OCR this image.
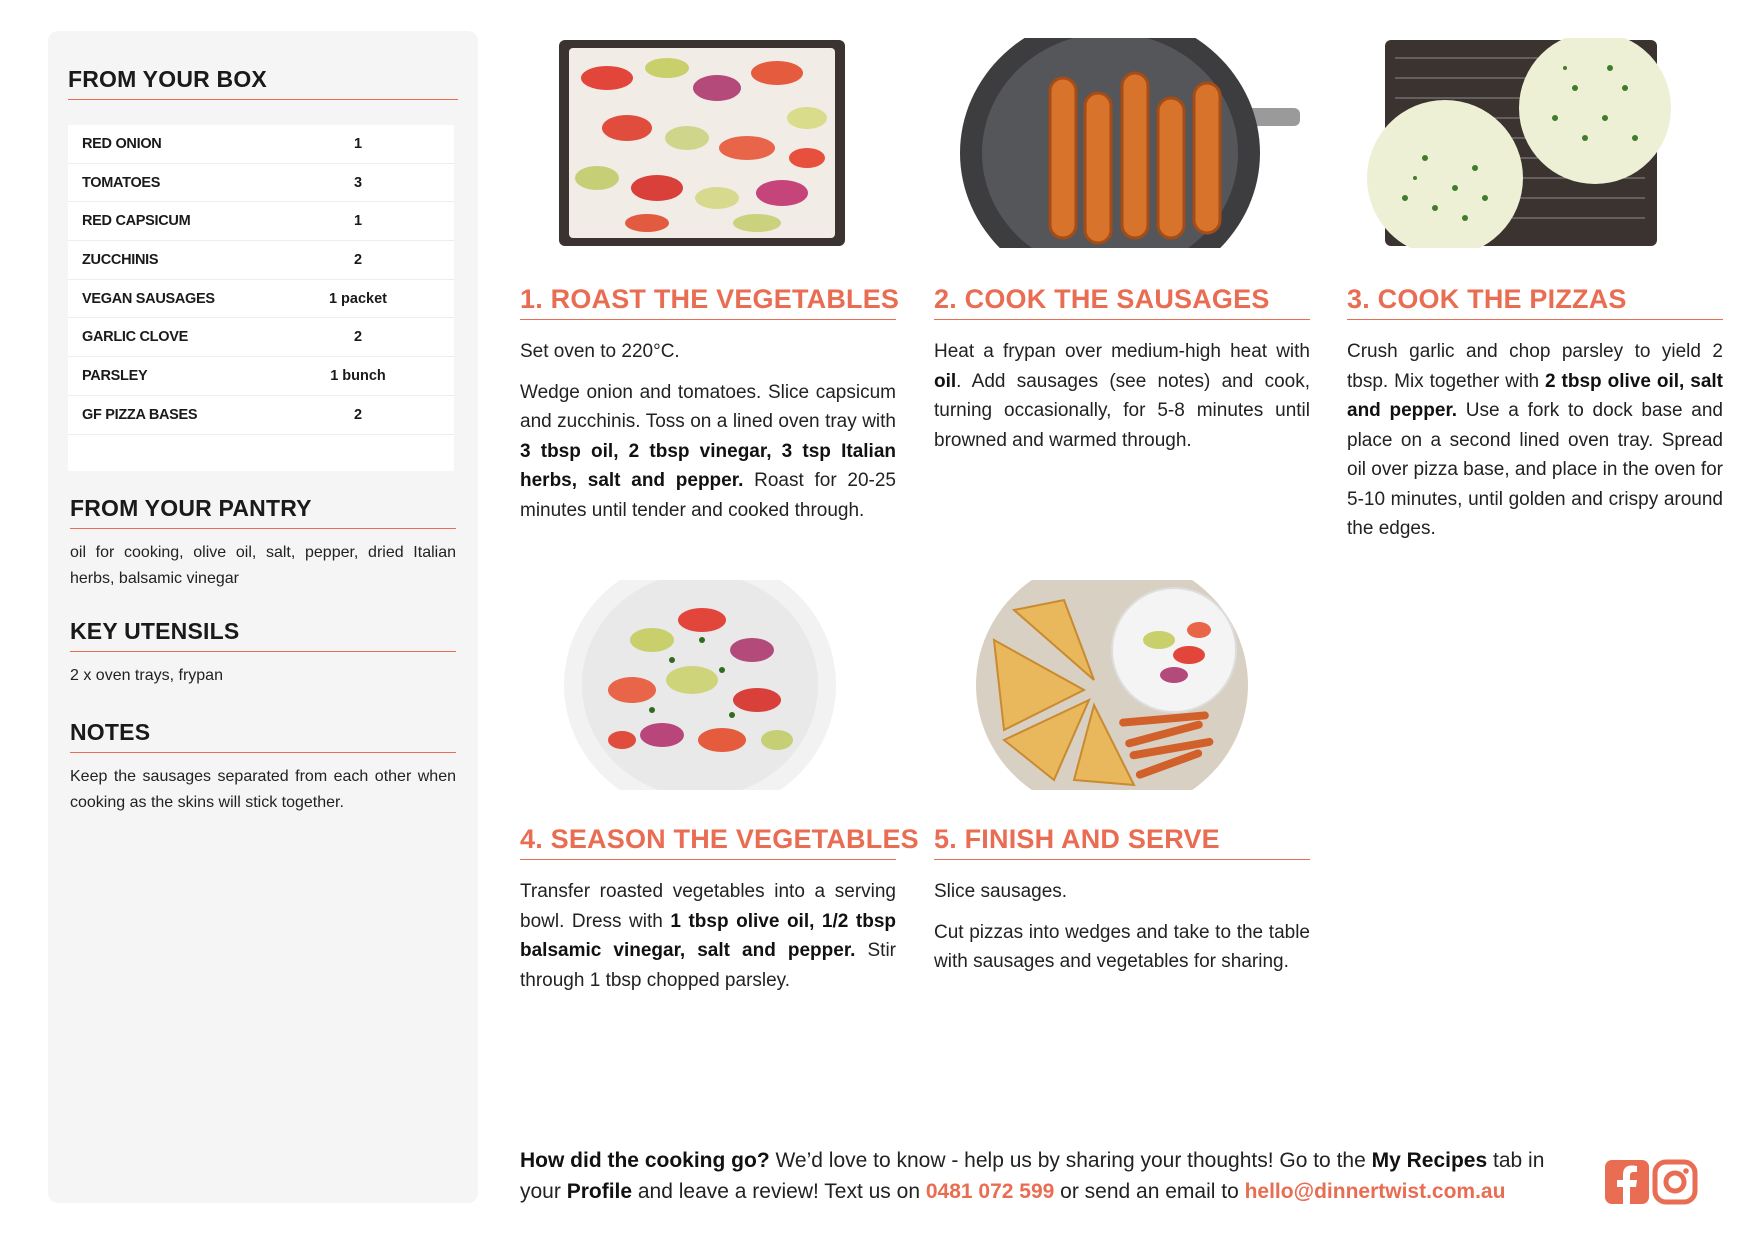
FROM YOUR BOX
RED ONION	1
TOMATOES	3
RED CAPSICUM	1
ZUCCHINIS	2
VEGAN SAUSAGES	1 packet
GARLIC CLOVE	2
PARSLEY	1 bunch
GF PIZZA BASES	2
FROM YOUR PANTRY
oil for cooking, olive oil, salt, pepper, dried Italian herbs, balsamic vinegar
KEY UTENSILS
2 x oven trays, frypan
NOTES
Keep the sausages separated from each other when cooking as the skins will stick together.
1. ROAST THE VEGETABLES

Set oven to 220°C.

Wedge onion and tomatoes. Slice capsicum and zucchinis. Toss on a lined oven tray with 3 tbsp oil, 2 tbsp vinegar, 3 tsp Italian herbs, salt and pepper. Roast for 20-25 minutes until tender and cooked through.

2. COOK THE SAUSAGES

Heat a frypan over medium-high heat with oil. Add sausages (see notes) and cook, turning occasionally, for 5-8 minutes until browned and warmed through.

3. COOK THE PIZZAS

Crush garlic and chop parsley to yield 2 tbsp. Mix together with 2 tbsp olive oil, salt and pepper. Use a fork to dock base and place on a second lined oven tray. Spread oil over pizza base, and place in the oven for 5-10 minutes, until golden and crispy around the edges.

4. SEASON THE VEGETABLES

Transfer roasted vegetables into a serving bowl. Dress with 1 tbsp olive oil, 1/2 tbsp balsamic vinegar, salt and pepper. Stir through 1 tbsp chopped parsley.

5. FINISH AND SERVE

Slice sausages.

Cut pizzas into wedges and take to the table with sausages and vegetables for sharing.

How did the cooking go? We’d love to know - help us by sharing your thoughts! Go to the My Recipes tab in your Profile and leave a review! Text us on 0481 072 599 or send an email to hello@dinnertwist.com.au
